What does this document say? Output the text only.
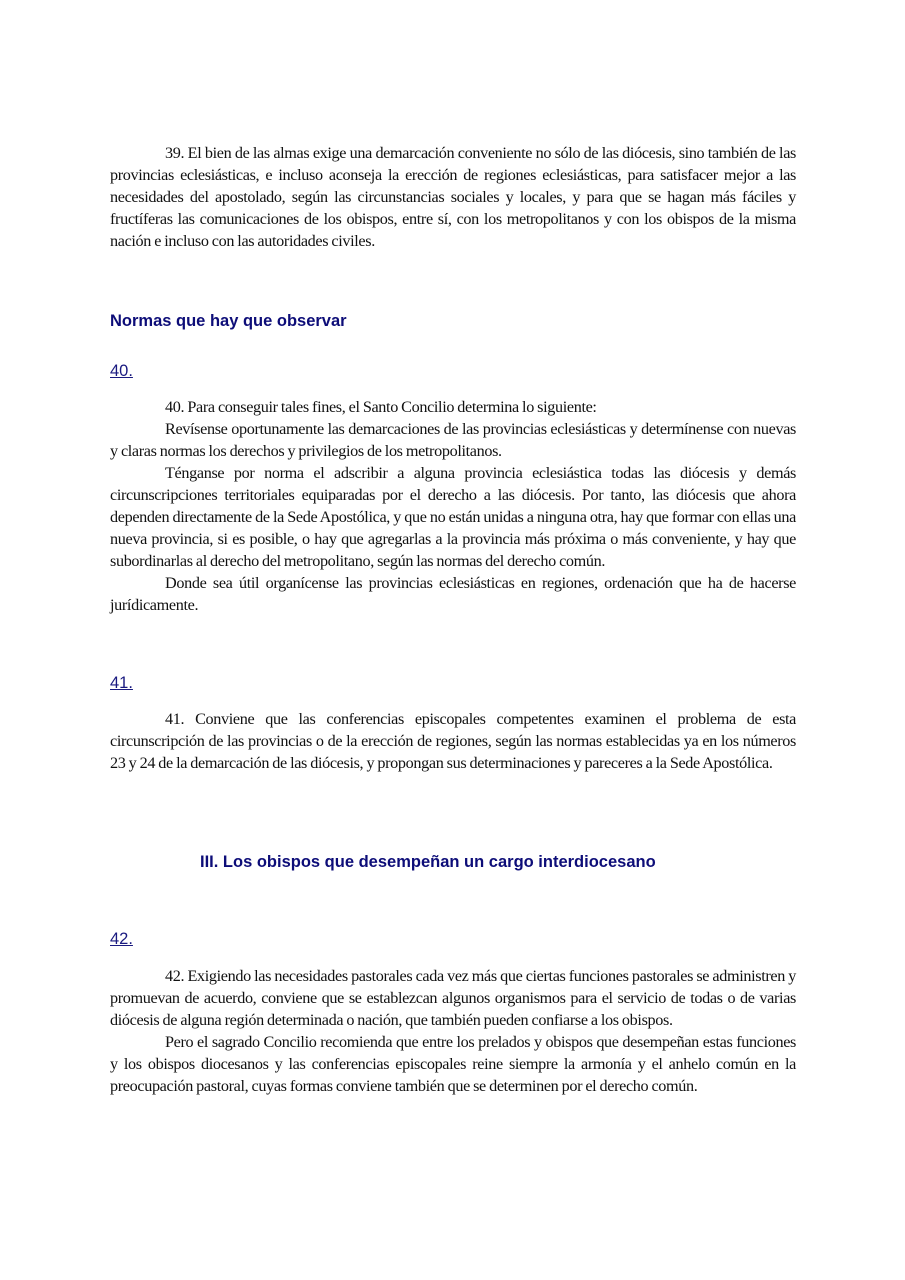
39. El bien de las almas exige una demarcación conveniente no sólo de las diócesis, sino también de las provincias eclesiásticas, e incluso aconseja la erección de regiones eclesiásticas, para satisfacer mejor a las necesidades del apostolado, según las circunstancias sociales y locales, y para que se hagan más fáciles y fructíferas las comunicaciones de los obispos, entre sí, con los metropolitanos y con los obispos de la misma nación e incluso con las autoridades civiles.

Normas que hay que observar
40.

40. Para conseguir tales fines, el Santo Concilio determina lo siguiente:

Revísense oportunamente las demarcaciones de las provincias eclesiásticas y determínense con nuevas y claras normas los derechos y privilegios de los metropolitanos.

Ténganse por norma el adscribir a alguna provincia eclesiástica todas las diócesis y demás circunscripciones territoriales equiparadas por el derecho a las diócesis. Por tanto, las diócesis que ahora dependen directamente de la Sede Apostólica, y que no están unidas a ninguna otra, hay que formar con ellas una nueva provincia, si es posible, o hay que agregarlas a la provincia más próxima o más conveniente, y hay que subordinarlas al derecho del metropolitano, según las normas del derecho común.

Donde sea útil organícense las provincias eclesiásticas en regiones, ordenación que ha de hacerse jurídicamente.

41.

41. Conviene que las conferencias episcopales competentes examinen el problema de esta circunscripción de las provincias o de la erección de regiones, según las normas establecidas ya en los números 23 y 24 de la demarcación de las diócesis, y propongan sus determinaciones y pareceres a la Sede Apostólica.

III. Los obispos que desempeñan un cargo interdiocesano
42.

42. Exigiendo las necesidades pastorales cada vez más que ciertas funciones pastorales se administren y promuevan de acuerdo, conviene que se establezcan algunos organismos para el servicio de todas o de varias diócesis de alguna región determinada o nación, que también pueden confiarse a los obispos.

Pero el sagrado Concilio recomienda que entre los prelados y obispos que desempeñan estas funciones y los obispos diocesanos y las conferencias episcopales reine siempre la armonía y el anhelo común en la preocupación pastoral, cuyas formas conviene también que se determinen por el derecho común.
